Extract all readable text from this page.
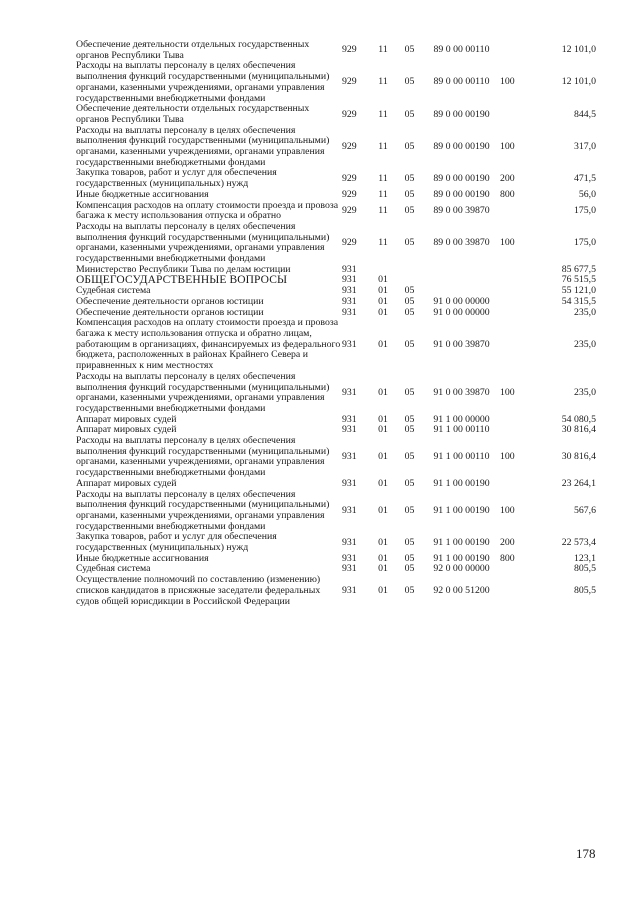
Обеспечение деятельности отдельных государственных органов Республики Тыва	929	11	05	89 0 00 00110		12 101,0
Расходы на выплаты персоналу в целях обеспечения выполнения функций государственными (муниципальными) органами, казенными учреждениями, органами управления государственными внебюджетными фондами	929	11	05	89 0 00 00110	100	12 101,0
Обеспечение деятельности отдельных государственных органов Республики Тыва	929	11	05	89 0 00 00190		844,5
Расходы на выплаты персоналу в целях обеспечения выполнения функций государственными (муниципальными) органами, казенными учреждениями, органами управления государственными внебюджетными фондами	929	11	05	89 0 00 00190	100	317,0
Закупка товаров, работ и услуг для обеспечения государственных (муниципальных) нужд	929	11	05	89 0 00 00190	200	471,5
Иные бюджетные ассигнования	929	11	05	89 0 00 00190	800	56,0
Компенсация расходов на оплату стоимости проезда и провоза багажа к месту использования отпуска и обратно	929	11	05	89 0 00 39870		175,0
Расходы на выплаты персоналу в целях обеспечения выполнения функций государственными (муниципальными) органами, казенными учреждениями, органами управления государственными внебюджетными фондами	929	11	05	89 0 00 39870	100	175,0
Министерство Республики Тыва по делам юстиции	931					85 677,5
ОБЩЕГОСУДАРСТВЕННЫЕ ВОПРОСЫ	931	01				76 515,5
Судебная система	931	01	05			55 121,0
Обеспечение деятельности органов юстиции	931	01	05	91 0 00 00000		54 315,5
Обеспечение деятельности органов юстиции	931	01	05	91 0 00 00000		235,0
Компенсация расходов на оплату стоимости проезда и провоза багажа к месту использования отпуска и обратно лицам, работающим в организациях, финансируемых из федерального бюджета, расположенных в районах Крайнего Севера и приравненных к ним местностях	931	01	05	91 0 00 39870		235,0
Расходы на выплаты персоналу в целях обеспечения выполнения функций государственными (муниципальными) органами, казенными учреждениями, органами управления государственными внебюджетными фондами	931	01	05	91 0 00 39870	100	235,0
Аппарат мировых судей	931	01	05	91 1 00 00000		54 080,5
Аппарат мировых судей	931	01	05	91 1 00 00110		30 816,4
Расходы на выплаты персоналу в целях обеспечения выполнения функций государственными (муниципальными) органами, казенными учреждениями, органами управления государственными внебюджетными фондами	931	01	05	91 1 00 00110	100	30 816,4
Аппарат мировых судей	931	01	05	91 1 00 00190		23 264,1
Расходы на выплаты персоналу в целях обеспечения выполнения функций государственными (муниципальными) органами, казенными учреждениями, органами управления государственными внебюджетными фондами	931	01	05	91 1 00 00190	100	567,6
Закупка товаров, работ и услуг для обеспечения государственных (муниципальных) нужд	931	01	05	91 1 00 00190	200	22 573,4
Иные бюджетные ассигнования	931	01	05	91 1 00 00190	800	123,1
Судебная система	931	01	05	92 0 00 00000		805,5
Осуществление полномочий по составлению (изменению) списков кандидатов в присяжные заседатели федеральных судов общей юрисдикции в Российской Федерации	931	01	05	92 0 00 51200		805,5
178
